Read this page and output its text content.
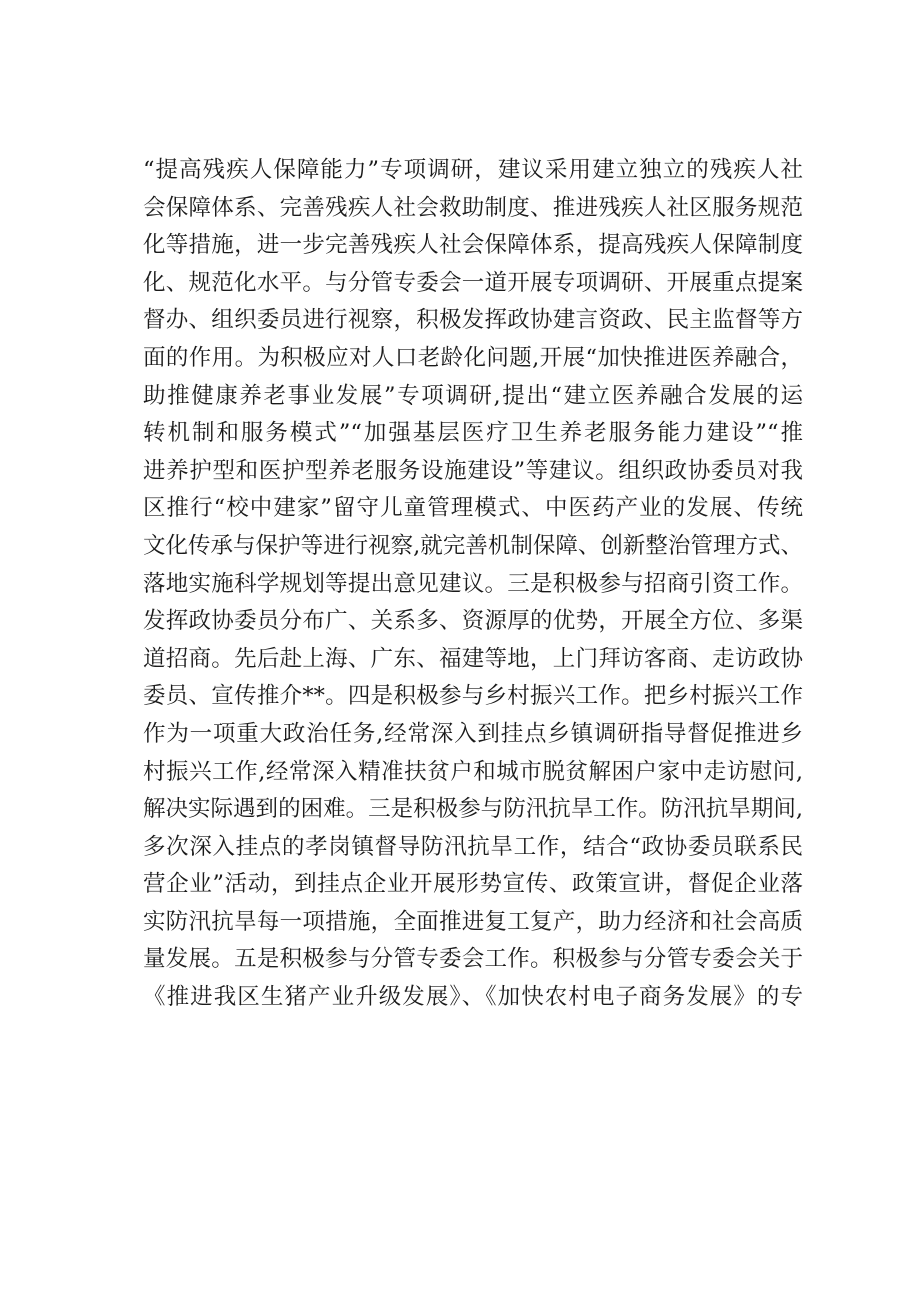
“提高残疾人保障能力”专项调研，建议采用建立独立的残疾人社
会保障体系、完善残疾人社会救助制度、推进残疾人社区服务规范
化等措施，进一步完善残疾人社会保障体系，提高残疾人保障制度
化、规范化水平。与分管专委会一道开展专项调研、开展重点提案
督办、组织委员进行视察，积极发挥政协建言资政、民主监督等方
面的作用。为积极应对人口老龄化问题,开展“加快推进医养融合，
助推健康养老事业发展”专项调研,提出“建立医养融合发展的运
转机制和服务模式”“加强基层医疗卫生养老服务能力建设”“推
进养护型和医护型养老服务设施建设”等建议。组织政协委员对我
区推行“校中建家”留守儿童管理模式、中医药产业的发展、传统
文化传承与保护等进行视察,就完善机制保障、创新整治管理方式、
落地实施科学规划等提出意见建议。三是积极参与招商引资工作。
发挥政协委员分布广、关系多、资源厚的优势，开展全方位、多渠
道招商。先后赴上海、广东、福建等地，上门拜访客商、走访政协
委员、宣传推介**。四是积极参与乡村振兴工作。把乡村振兴工作
作为一项重大政治任务,经常深入到挂点乡镇调研指导督促推进乡
村振兴工作,经常深入精准扶贫户和城市脱贫解困户家中走访慰问,
解决实际遇到的困难。三是积极参与防汛抗旱工作。防汛抗旱期间,
多次深入挂点的孝岗镇督导防汛抗旱工作，结合“政协委员联系民
营企业”活动，到挂点企业开展形势宣传、政策宣讲，督促企业落
实防汛抗旱每一项措施，全面推进复工复产，助力经济和社会高质
量发展。五是积极参与分管专委会工作。积极参与分管专委会关于
《推进我区生猪产业升级发展》、《加快农村电子商务发展》的专
